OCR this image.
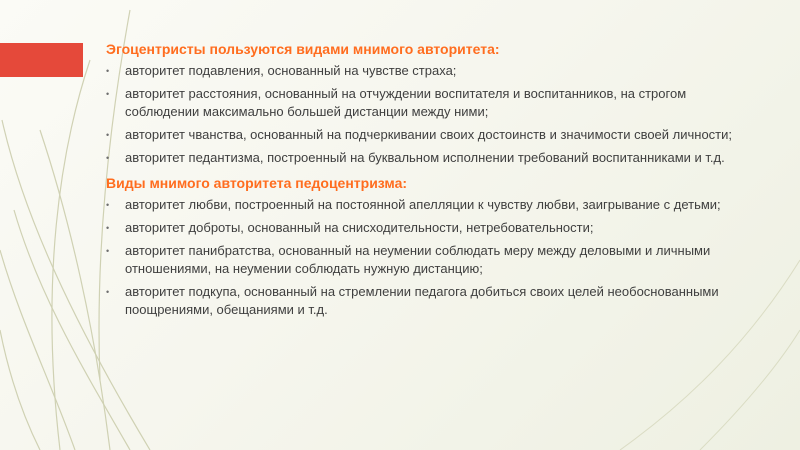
Эгоцентристы пользуются видами мнимого авторитета:
• авторитет подавления, основанный на чувстве страха;
• авторитет расстояния, основанный на отчуждении воспитателя и воспитанников, на строгом соблюдении максимально большей дистанции между ними;
• авторитет чванства, основанный на подчеркивании своих достоинств и значимости своей личности;
• авторитет педантизма, построенный на буквальном исполнении требований воспитанниками и т.д.
Виды мнимого авторитета педоцентризма:
• авторитет любви, построенный на постоянной апелляции к чувству любви, заигрывание с детьми;
• авторитет доброты, основанный на снисходительности, нетребовательности;
• авторитет панибратства, основанный на неумении соблюдать меру между деловыми и личными отношениями, на неумении соблюдать нужную дистанцию;
• авторитет подкупа, основанный на стремлении педагога добиться своих целей необоснованными поощрениями, обещаниями и т.д.
